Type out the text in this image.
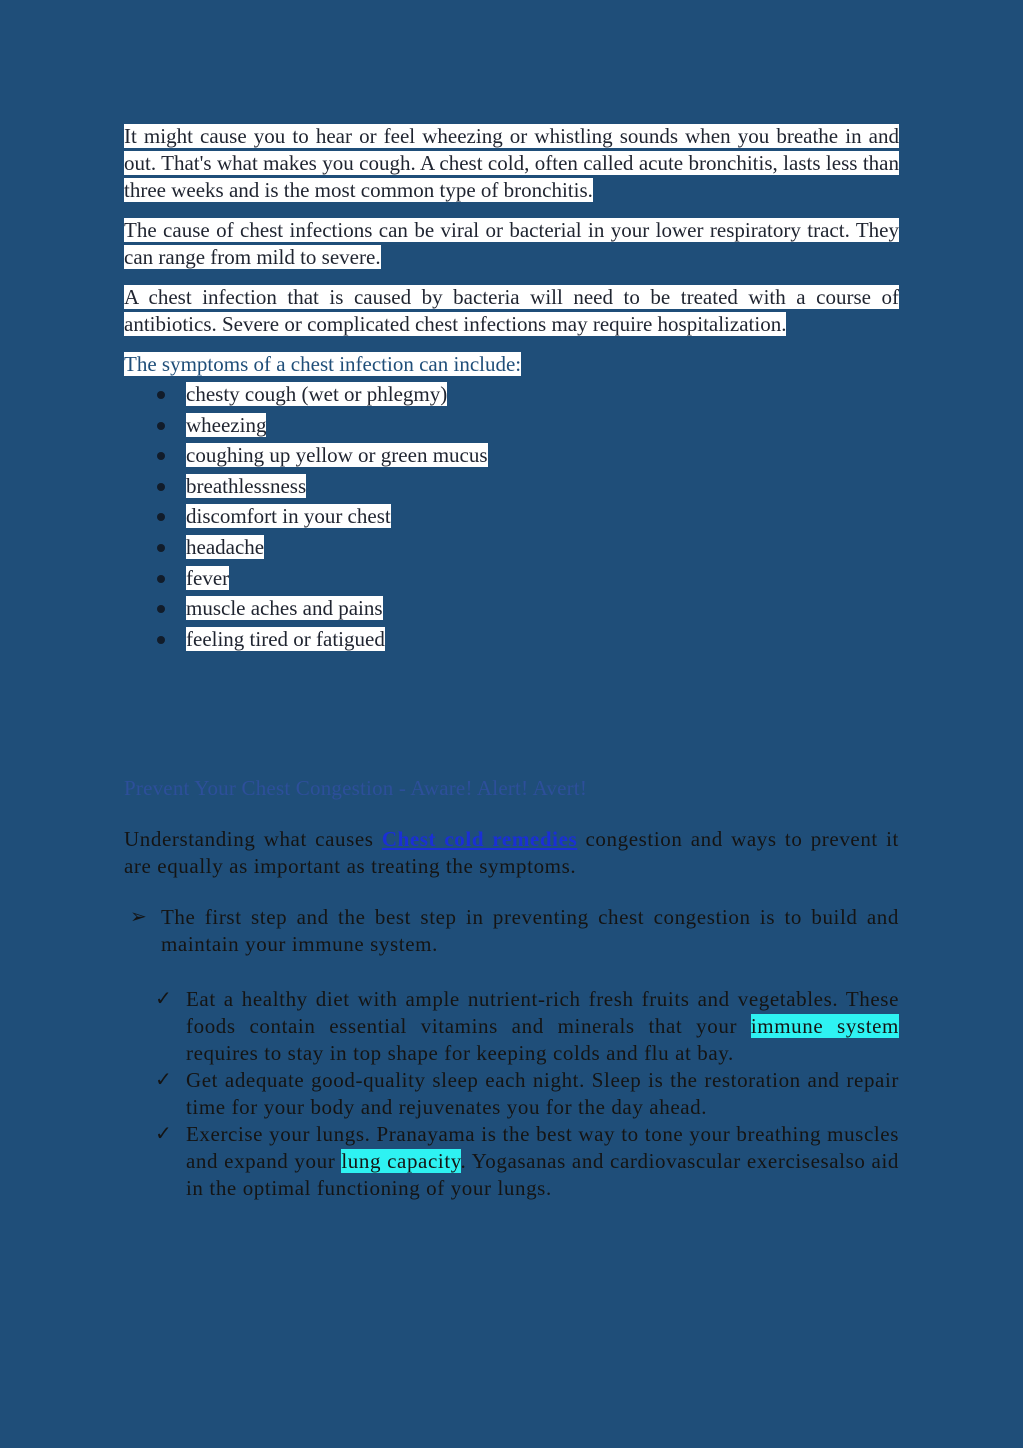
It might cause you to hear or feel wheezing or whistling sounds when you breathe in and out. That's what makes you cough. A chest cold, often called acute bronchitis, lasts less than three weeks and is the most common type of bronchitis.

The cause of chest infections can be viral or bacterial in your lower respiratory tract. They can range from mild to severe.

A chest infection that is caused by bacteria will need to be treated with a course of antibiotics. Severe or complicated chest infections may require hospitalization.

The symptoms of a chest infection can include:

chesty cough (wet or phlegmy)
wheezing
coughing up yellow or green mucus
breathlessness
discomfort in your chest
headache
fever
muscle aches and pains
feeling tired or fatigued
Prevent Your Chest Congestion - Aware! Alert! Avert!

Understanding what causes Chest cold remedies congestion and ways to prevent it are equally as important as treating the symptoms.

➢ The first step and the best step in preventing chest congestion is to build and maintain your immune system.

✓ Eat a healthy diet with ample nutrient-rich fresh fruits and vegetables. These foods contain essential vitamins and minerals that your immune system requires to stay in top shape for keeping colds and flu at bay.

✓ Get adequate good-quality sleep each night. Sleep is the restoration and repair time for your body and rejuvenates you for the day ahead.

✓ Exercise your lungs. Pranayama is the best way to tone your breathing muscles and expand your lung capacity. Yogasanas and cardiovascular exercisesalso aid in the optimal functioning of your lungs.
